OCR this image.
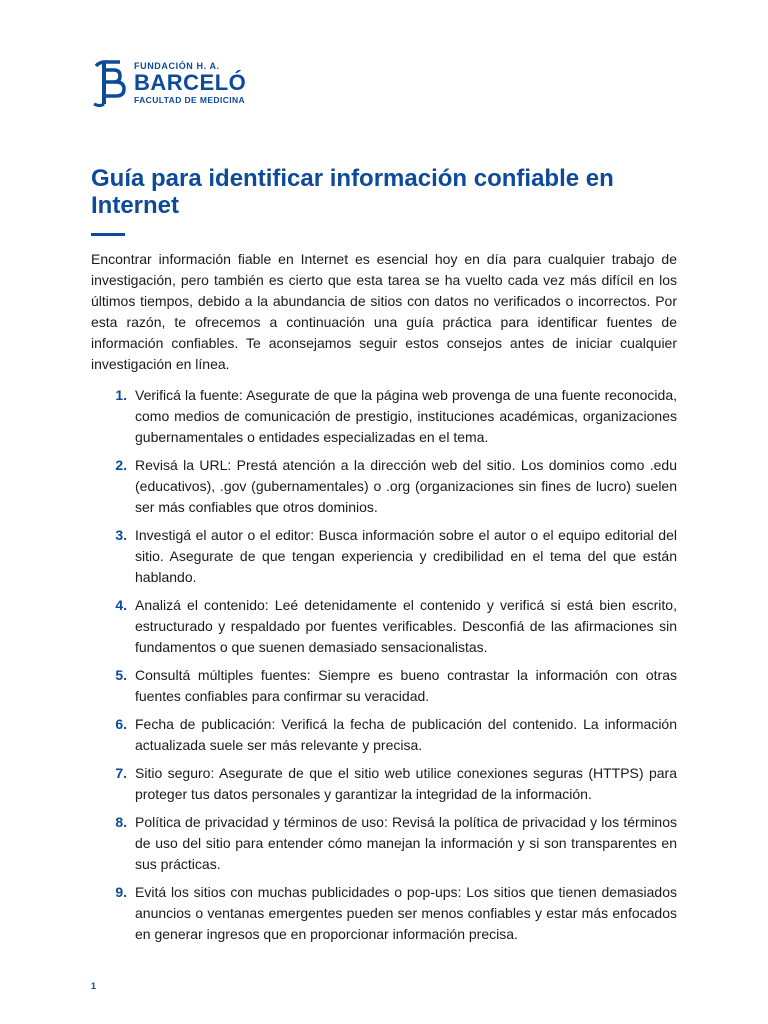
FUNDACIÓN H. A.
BARCELÓ
FACULTAD DE MEDICINA
Guía para identificar información confiable en Internet

Encontrar información fiable en Internet es esencial hoy en día para cualquier trabajo de investigación, pero también es cierto que esta tarea se ha vuelto cada vez más difícil en los últimos tiempos, debido a la abundancia de sitios con datos no verificados o incorrectos. Por esta razón, te ofrecemos a continuación una guía práctica para identificar fuentes de información confiables. Te aconsejamos seguir estos consejos antes de iniciar cualquier investigación en línea.

1. Verificá la fuente: Asegurate de que la página web provenga de una fuente reconocida, como medios de comunicación de prestigio, instituciones académicas, organizaciones gubernamentales o entidades especializadas en el tema.
2. Revisá la URL: Prestá atención a la dirección web del sitio. Los dominios como .edu (educativos), .gov (gubernamentales) o .org (organizaciones sin fines de lucro) suelen ser más confiables que otros dominios.
3. Investigá el autor o el editor: Busca información sobre el autor o el equipo editorial del sitio. Asegurate de que tengan experiencia y credibilidad en el tema del que están hablando.
4. Analizá el contenido: Leé detenidamente el contenido y verificá si está bien escrito, estructurado y respaldado por fuentes verificables. Desconfiá de las afirmaciones sin fundamentos o que suenen demasiado sensacionalistas.
5. Consultá múltiples fuentes: Siempre es bueno contrastar la información con otras fuentes confiables para confirmar su veracidad.
6. Fecha de publicación: Verificá la fecha de publicación del contenido. La información actualizada suele ser más relevante y precisa.
7. Sitio seguro: Asegurate de que el sitio web utilice conexiones seguras (HTTPS) para proteger tus datos personales y garantizar la integridad de la información.
8. Política de privacidad y términos de uso: Revisá la política de privacidad y los términos de uso del sitio para entender cómo manejan la información y si son transparentes en sus prácticas.
9. Evitá los sitios con muchas publicidades o pop-ups: Los sitios que tienen demasiados anuncios o ventanas emergentes pueden ser menos confiables y estar más enfocados en generar ingresos que en proporcionar información precisa.
1
